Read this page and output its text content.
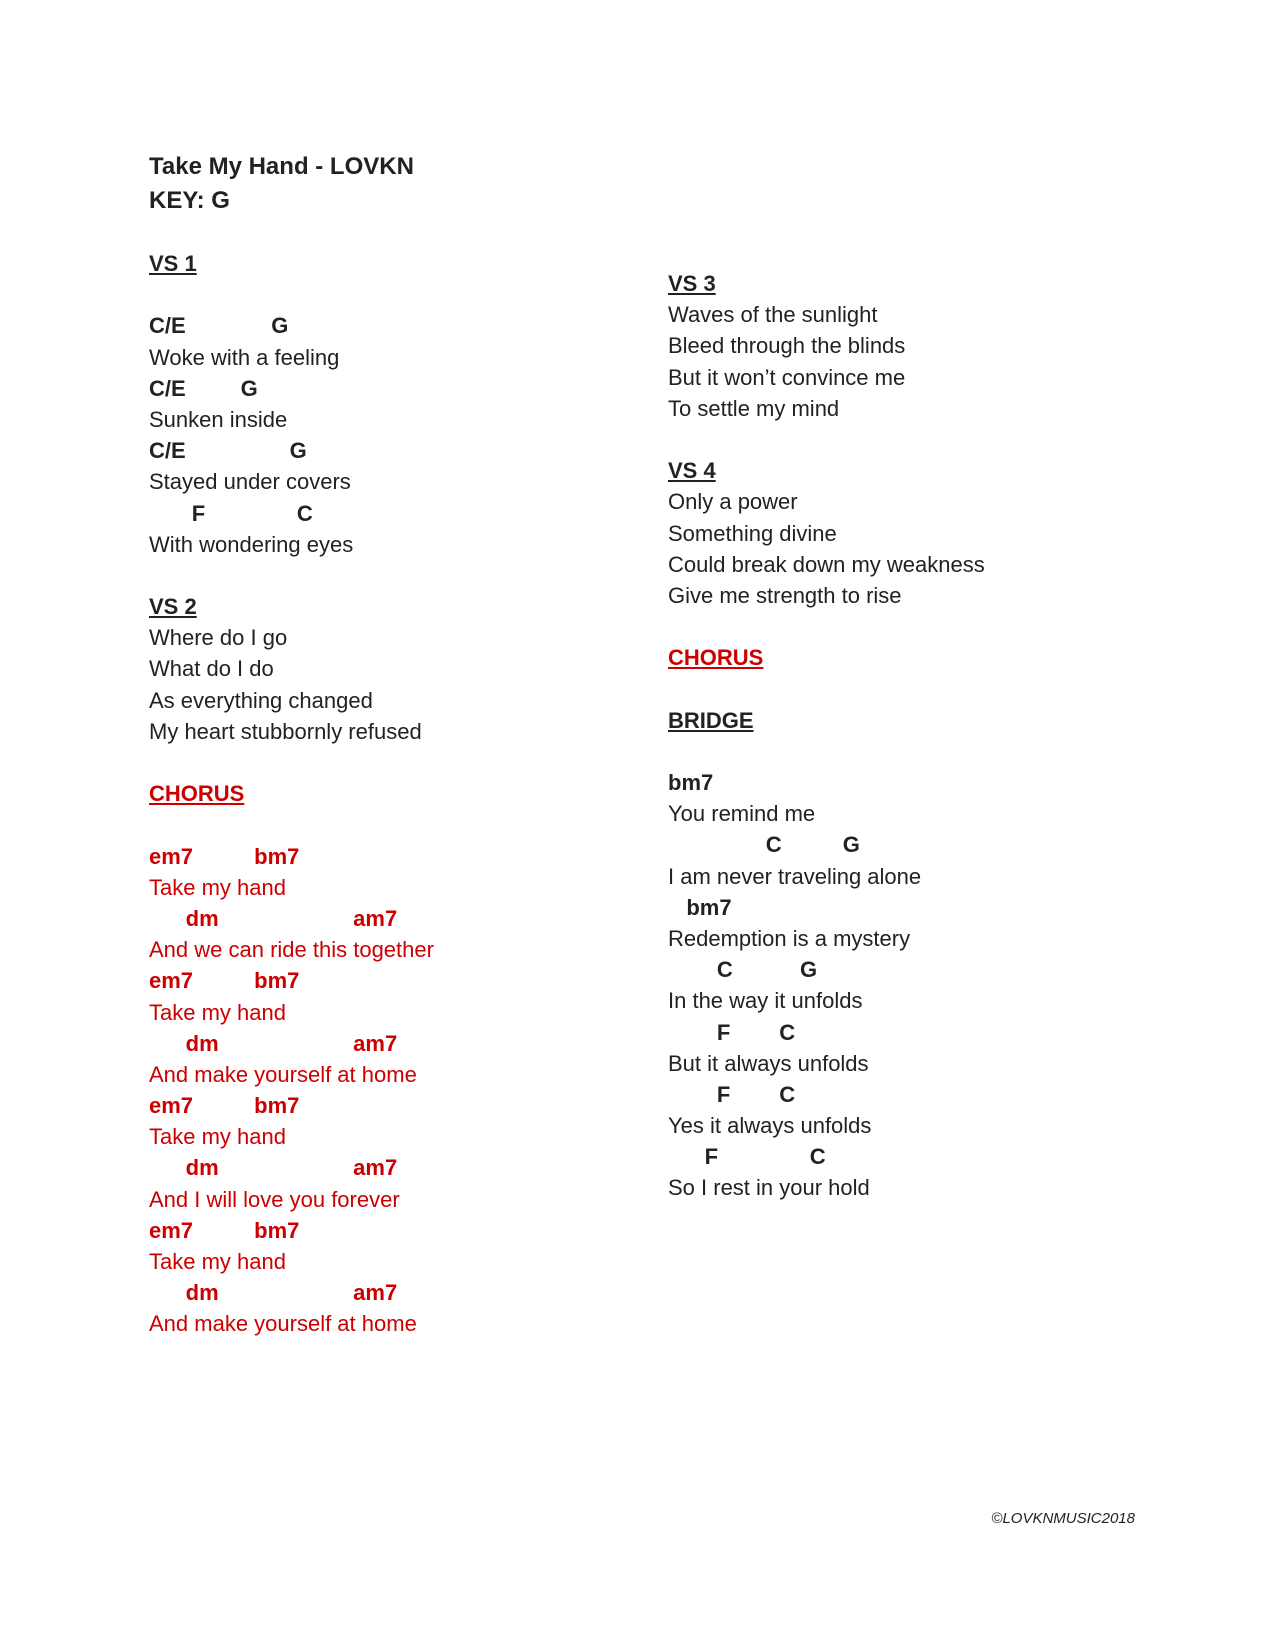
Take My Hand - LOVKN
KEY: G
VS 1
C/E              G
Woke with a feeling
C/E         G
Sunken inside
C/E                 G
Stayed under covers
F               C
With wondering eyes
VS 2
Where do I go
What do I do
As everything changed
My heart stubbornly refused
CHORUS
em7          bm7
Take my hand
dm                      am7
And we can ride this together
em7          bm7
Take my hand
dm                      am7
And make yourself at home
em7          bm7
Take my hand
dm                      am7
And I will love you forever
em7          bm7
Take my hand
dm                      am7
And make yourself at home
VS 3
Waves of the sunlight
Bleed through the blinds
But it won’t convince me
To settle my mind
VS 4
Only a power
Something divine
Could break down my weakness
Give me strength to rise
CHORUS
BRIDGE
bm7
You remind me
C          G
I am never traveling alone
bm7
Redemption is a mystery
C           G
In the way it unfolds
F        C
But it always unfolds
F        C
Yes it always unfolds
F               C
So I rest in your hold
©LOVKNMUSIC2018
